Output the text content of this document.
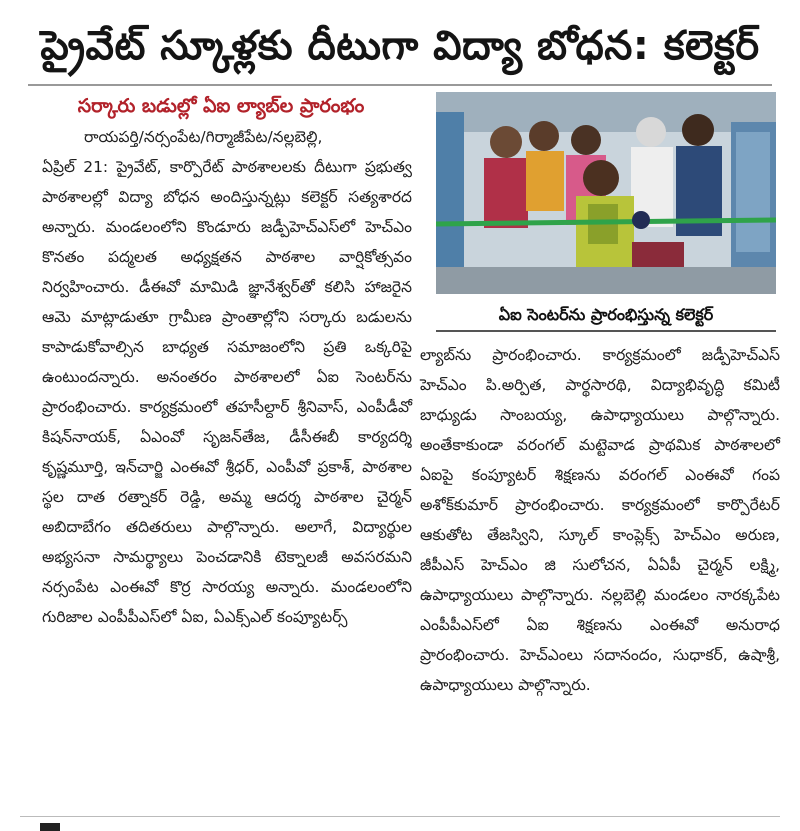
ప్రైవేట్ స్కూళ్లకు దీటుగా విద్యా బోధన: కలెక్టర్
సర్కారు బడుల్లో ఏఐ ల్యాబ్‌ల ప్రారంభం
రాయపర్తి/నర్సంపేట/గిర్మాజీపేట/నల్లబెల్లి,
ఏప్రిల్ 21: ప్రైవేట్, కార్పొరేట్ పాఠశాలలకు దీటుగా ప్రభుత్వ పాఠశాలల్లో విద్యా బోధన అందిస్తున్నట్లు కలెక్టర్ సత్యశారద అన్నారు. మండలంలోని కొండూరు జడ్పీహెచ్‌ఎస్‌లో హెచ్‌ఎం కొనతం పద్మలత అధ్యక్షతన పాఠశాల వార్షికోత్సవం నిర్వహించారు. డీఈవో మామిడి జ్ఞానేశ్వర్‌తో కలిసి హాజరైన ఆమె మాట్లాడుతూ గ్రామీణ ప్రాంతాల్లోని సర్కారు బడులను కాపాడుకోవాల్సిన బాధ్యత సమాజంలోని ప్రతి ఒక్కరిపై ఉంటుందన్నారు. అనంతరం పాఠశాలలో ఏఐ సెంటర్‌ను ప్రారంభించారు. కార్యక్రమంలో తహసీల్దార్ శ్రీనివాస్, ఎంపీడీవో కిషన్‌నాయక్, ఏఎంవో సృజన్‌తేజ, డీసీఈబీ కార్యదర్శి కృష్ణమూర్తి, ఇన్‌చార్జి ఎంఈవో శ్రీధర్, ఎంపీవో ప్రకాశ్, పాఠశాల స్థల దాత రత్నాకర్ రెడ్డి, అమ్మ ఆదర్శ పాఠశాల చైర్మన్ అబిదాబేగం తదితరులు పాల్గొన్నారు. అలాగే, విద్యార్థుల అభ్యసనా సామర్థ్యాలు పెంచడానికి టెక్నాలజీ అవసరమని నర్సంపేట ఎంఈవో కొర్ర సారయ్య అన్నారు. మండలంలోని గురిజాల ఎంపీపీఎస్‌లో ఏఐ, ఏఎక్స్‌ఎల్ కంప్యూటర్స్
ఏఐ సెంటర్‌ను ప్రారంభిస్తున్న కలెక్టర్
ల్యాబ్‌ను ప్రారంభించారు. కార్యక్రమంలో జడ్పీహెచ్‌ఎస్ హెచ్‌ఎం పి.అర్పిత, పార్థసారథి, విద్యాభివృద్ధి కమిటీ బాధ్యుడు సాంబయ్య, ఉపాధ్యాయులు పాల్గొన్నారు. అంతేకాకుండా వరంగల్ మట్టెవాడ ప్రాథమిక పాఠశాలలో ఏఐపై కంప్యూటర్ శిక్షణను వరంగల్ ఎంఈవో గంప అశోక్‌కుమార్ ప్రారంభించారు. కార్యక్రమంలో కార్పొరేటర్ ఆకుతోట తేజస్విని, స్కూల్ కాంప్లెక్స్ హెచ్‌ఎం అరుణ, జీపీఎస్ హెచ్‌ఎం జి సులోచన, ఏఏపీ చైర్మన్ లక్ష్మి, ఉపాధ్యాయులు పాల్గొన్నారు. నల్లబెల్లి మండలం నారక్కపేట ఎంపీపీఎస్‌లో ఏఐ శిక్షణను ఎంఈవో అనురాధ ప్రారంభించారు. హెచ్‌ఎంలు సదానందం, సుధాకర్, ఉషాశ్రీ, ఉపాధ్యాయులు పాల్గొన్నారు.
